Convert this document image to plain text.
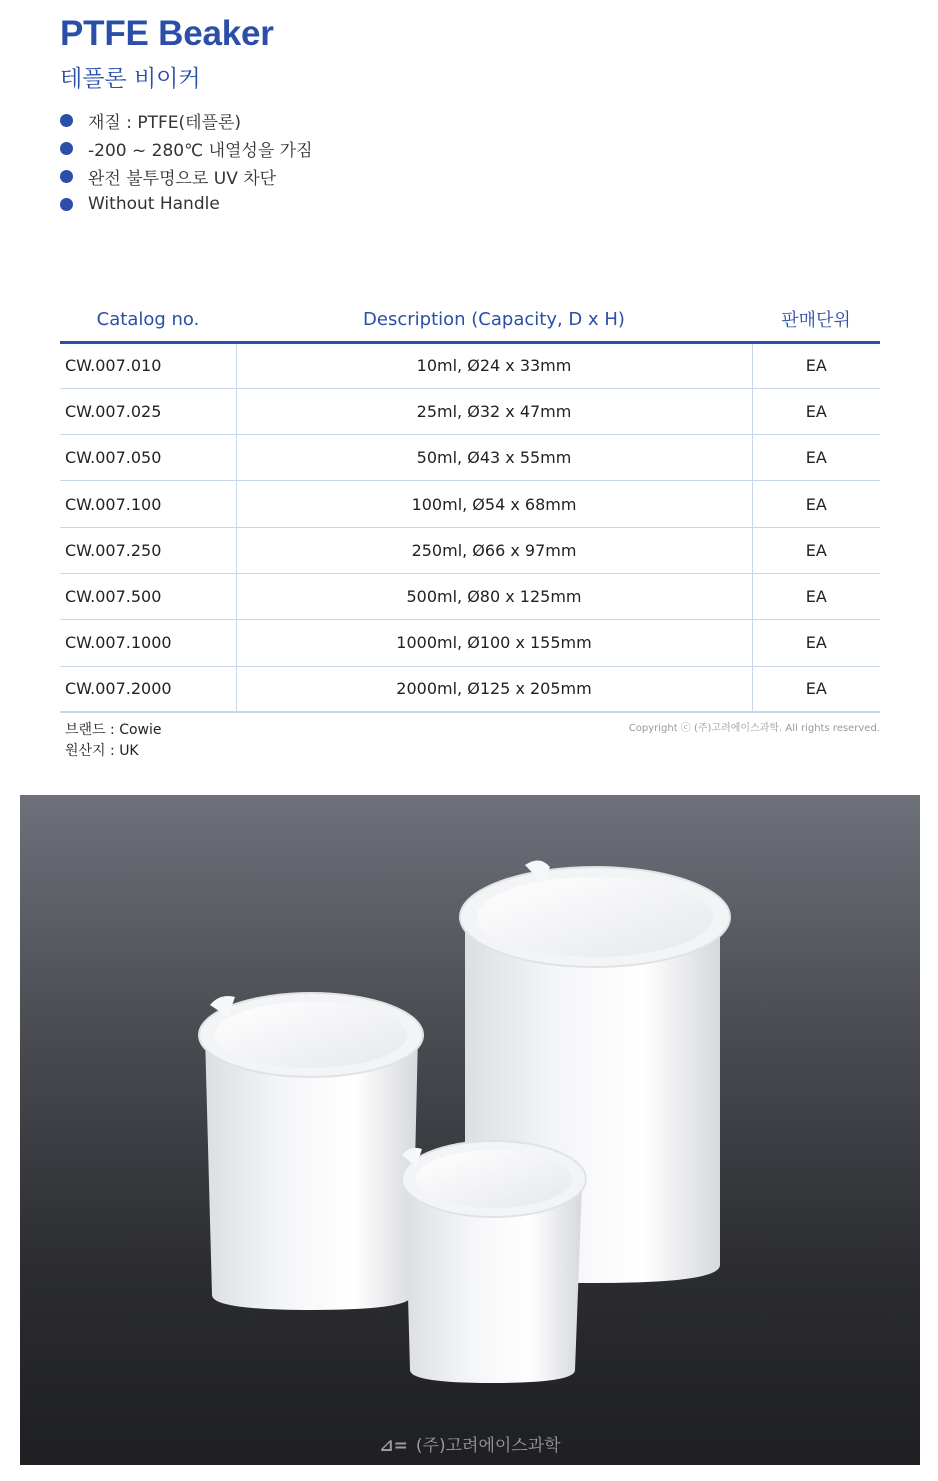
PTFE Beaker
테플론 비이커
재질 : PTFE(테플론)
-200 ~ 280℃ 내열성을 가짐
완전 불투명으로 UV 차단
Without Handle
Catalog no.	Description (Capacity, D x H)	판매단위
CW.007.010	10ml, Ø24 x 33mm	EA
CW.007.025	25ml, Ø32 x 47mm	EA
CW.007.050	50ml, Ø43 x 55mm	EA
CW.007.100	100ml, Ø54 x 68mm	EA
CW.007.250	250ml, Ø66 x 97mm	EA
CW.007.500	500ml, Ø80 x 125mm	EA
CW.007.1000	1000ml, Ø100 x 155mm	EA
CW.007.2000	2000ml, Ø125 x 205mm	EA
브랜드 : Cowie
원산지 : UK
Copyright ⓒ (주)고려에이스과학. All rights reserved.
⊿= (주)고려에이스과학
